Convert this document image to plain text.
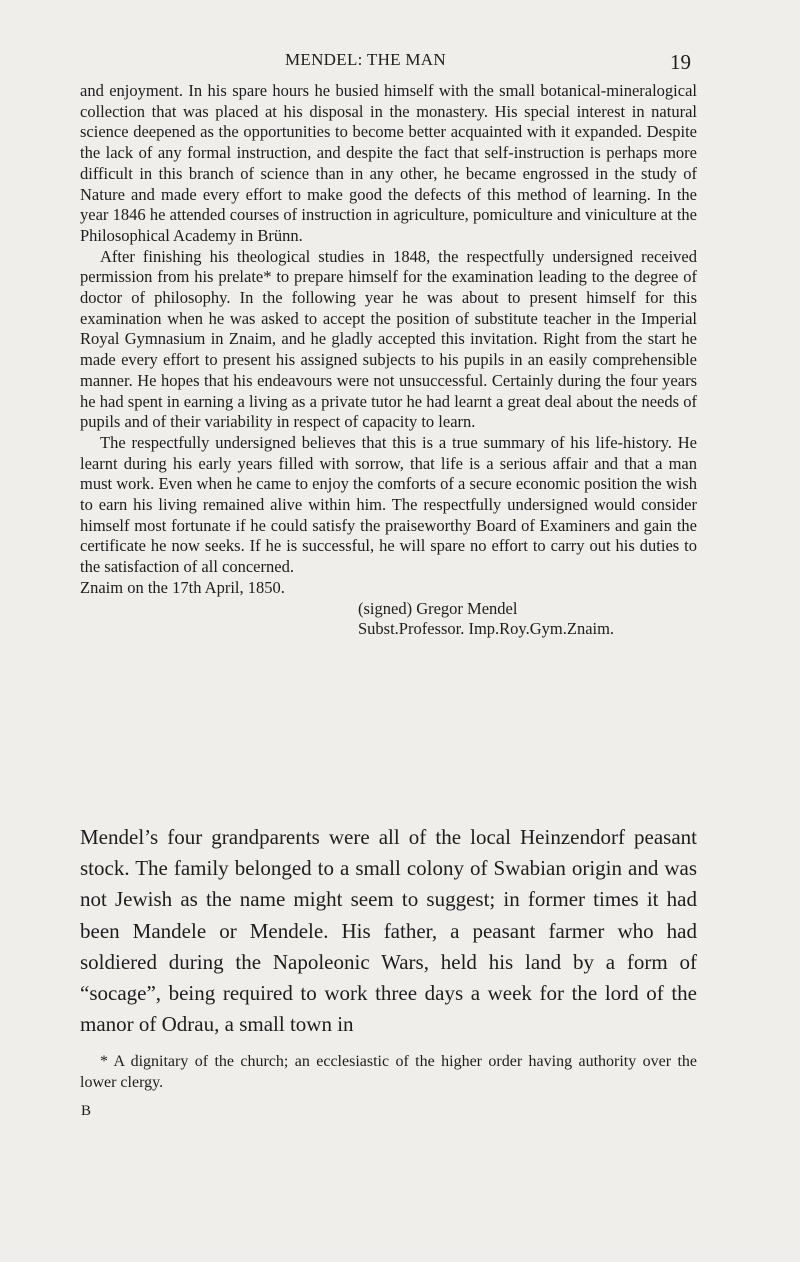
MENDEL: THE MAN	19

and enjoyment. In his spare hours he busied himself with the small botanical-mineralogical collection that was placed at his disposal in the monastery. His special interest in natural science deepened as the opportunities to become better acquainted with it expanded. Despite the lack of any formal instruction, and despite the fact that self-instruction is perhaps more difficult in this branch of science than in any other, he became engrossed in the study of Nature and made every effort to make good the defects of this method of learning. In the year 1846 he attended courses of instruction in agriculture, pomiculture and viniculture at the Philosophical Academy in Brünn.

After finishing his theological studies in 1848, the respectfully undersigned received permission from his prelate* to prepare himself for the examination leading to the degree of doctor of philosophy. In the following year he was about to present himself for this examination when he was asked to accept the position of substitute teacher in the Imperial Royal Gymnasium in Znaim, and he gladly accepted this invitation. Right from the start he made every effort to present his assigned subjects to his pupils in an easily comprehensible manner. He hopes that his endeavours were not unsuccessful. Certainly during the four years he had spent in earning a living as a private tutor he had learnt a great deal about the needs of pupils and of their variability in respect of capacity to learn.

The respectfully undersigned believes that this is a true summary of his life-history. He learnt during his early years filled with sorrow, that life is a serious affair and that a man must work. Even when he came to enjoy the comforts of a secure economic position the wish to earn his living remained alive within him. The respectfully undersigned would consider himself most fortunate if he could satisfy the praiseworthy Board of Examiners and gain the certificate he now seeks. If he is successful, he will spare no effort to carry out his duties to the satisfaction of all concerned.

Znaim on the 17th April, 1850.

(signed) Gregor Mendel
Subst.Professor. Imp.Roy.Gym.Znaim.

Mendel’s four grandparents were all of the local Heinzendorf peasant stock. The family belonged to a small colony of Swabian origin and was not Jewish as the name might seem to suggest; in former times it had been Mandele or Mendele. His father, a peasant farmer who had soldiered during the Napoleonic Wars, held his land by a form of “socage”, being required to work three days a week for the lord of the manor of Odrau, a small town in

* A dignitary of the church; an ecclesiastic of the higher order having authority over the lower clergy.

B
